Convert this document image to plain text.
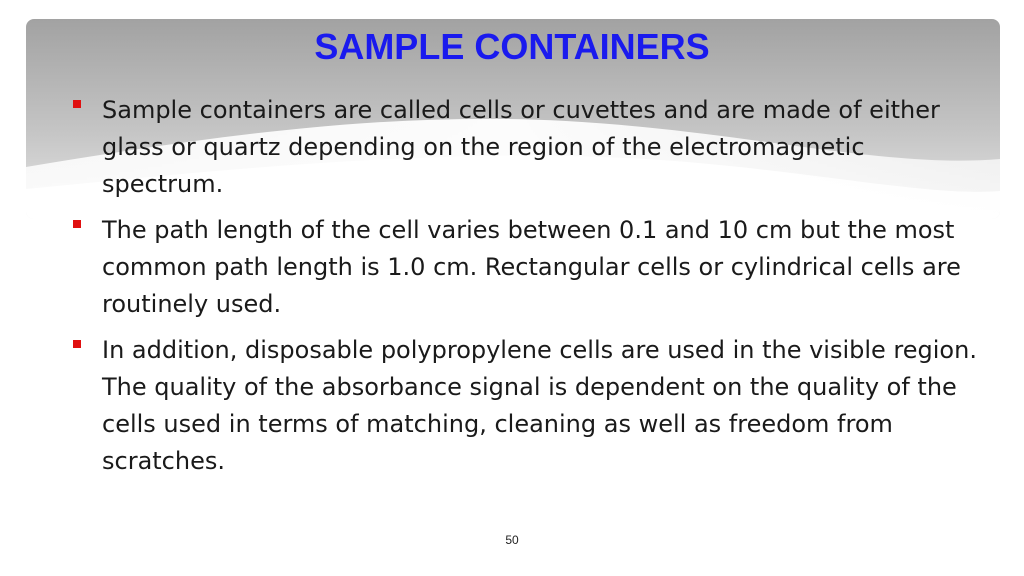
SAMPLE CONTAINERS
Sample containers are called cells or cuvettes and are made of either glass or quartz depending on the region of the electromagnetic spectrum.
The path length of the cell varies between 0.1 and 10 cm but the most common path length is 1.0 cm. Rectangular cells or cylindrical cells are routinely used.
In addition, disposable polypropylene cells are used in the visible region. The quality of the absorbance signal is dependent on the quality of the cells used in terms of matching, cleaning as well as freedom from scratches.
50
